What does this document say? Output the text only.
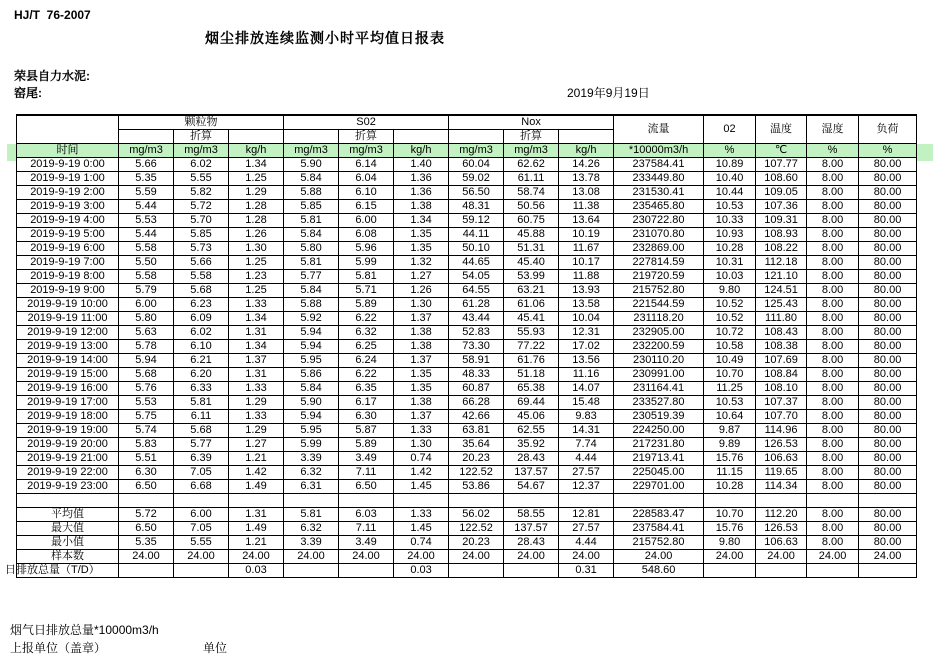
HJ/T  76-2007
烟尘排放连续监测小时平均值日报表
荣县自力水泥:
窑尾:	2019年9月19日
	颗粒物			S02			Nox			流量	02	温度	湿度	负荷
		折算			折算			折算						
时间	mg/m3	mg/m3	kg/h	mg/m3	mg/m3	kg/h	mg/m3	mg/m3	kg/h	*10000m3/h	%	℃	%	%
2019-9-19 0:00	5.66	6.02	1.34	5.90	6.14	1.40	60.04	62.62	14.26	237584.41	10.89	107.77	8.00	80.00
2019-9-19 1:00	5.35	5.55	1.25	5.84	6.04	1.36	59.02	61.11	13.78	233449.80	10.40	108.60	8.00	80.00
2019-9-19 2:00	5.59	5.82	1.29	5.88	6.10	1.36	56.50	58.74	13.08	231530.41	10.44	109.05	8.00	80.00
2019-9-19 3:00	5.44	5.72	1.28	5.85	6.15	1.38	48.31	50.56	11.38	235465.80	10.53	107.36	8.00	80.00
2019-9-19 4:00	5.53	5.70	1.28	5.81	6.00	1.34	59.12	60.75	13.64	230722.80	10.33	109.31	8.00	80.00
2019-9-19 5:00	5.44	5.85	1.26	5.84	6.08	1.35	44.11	45.88	10.19	231070.80	10.93	108.93	8.00	80.00
2019-9-19 6:00	5.58	5.73	1.30	5.80	5.96	1.35	50.10	51.31	11.67	232869.00	10.28	108.22	8.00	80.00
2019-9-19 7:00	5.50	5.66	1.25	5.81	5.99	1.32	44.65	45.40	10.17	227814.59	10.31	112.18	8.00	80.00
2019-9-19 8:00	5.58	5.58	1.23	5.77	5.81	1.27	54.05	53.99	11.88	219720.59	10.03	121.10	8.00	80.00
2019-9-19 9:00	5.79	5.68	1.25	5.84	5.71	1.26	64.55	63.21	13.93	215752.80	9.80	124.51	8.00	80.00
2019-9-19 10:00	6.00	6.23	1.33	5.88	5.89	1.30	61.28	61.06	13.58	221544.59	10.52	125.43	8.00	80.00
2019-9-19 11:00	5.80	6.09	1.34	5.92	6.22	1.37	43.44	45.41	10.04	231118.20	10.52	111.80	8.00	80.00
2019-9-19 12:00	5.63	6.02	1.31	5.94	6.32	1.38	52.83	55.93	12.31	232905.00	10.72	108.43	8.00	80.00
2019-9-19 13:00	5.78	6.10	1.34	5.94	6.25	1.38	73.30	77.22	17.02	232200.59	10.58	108.38	8.00	80.00
2019-9-19 14:00	5.94	6.21	1.37	5.95	6.24	1.37	58.91	61.76	13.56	230110.20	10.49	107.69	8.00	80.00
2019-9-19 15:00	5.68	6.20	1.31	5.86	6.22	1.35	48.33	51.18	11.16	230991.00	10.70	108.84	8.00	80.00
2019-9-19 16:00	5.76	6.33	1.33	5.84	6.35	1.35	60.87	65.38	14.07	231164.41	11.25	108.10	8.00	80.00
2019-9-19 17:00	5.53	5.81	1.29	5.90	6.17	1.38	66.28	69.44	15.48	233527.80	10.53	107.37	8.00	80.00
2019-9-19 18:00	5.75	6.11	1.33	5.94	6.30	1.37	42.66	45.06	9.83	230519.39	10.64	107.70	8.00	80.00
2019-9-19 19:00	5.74	5.68	1.29	5.95	5.87	1.33	63.81	62.55	14.31	224250.00	9.87	114.96	8.00	80.00
2019-9-19 20:00	5.83	5.77	1.27	5.99	5.89	1.30	35.64	35.92	7.74	217231.80	9.89	126.53	8.00	80.00
2019-9-19 21:00	5.51	6.39	1.21	3.39	3.49	0.74	20.23	28.43	4.44	219713.41	15.76	106.63	8.00	80.00
2019-9-19 22:00	6.30	7.05	1.42	6.32	7.11	1.42	122.52	137.57	27.57	225045.00	11.15	119.65	8.00	80.00
2019-9-19 23:00	6.50	6.68	1.49	6.31	6.50	1.45	53.86	54.67	12.37	229701.00	10.28	114.34	8.00	80.00

平均值	5.72	6.00	1.31	5.81	6.03	1.33	56.02	58.55	12.81	228583.47	10.70	112.20	8.00	80.00
最大值	6.50	7.05	1.49	6.32	7.11	1.45	122.52	137.57	27.57	237584.41	15.76	126.53	8.00	80.00
最小值	5.35	5.55	1.21	3.39	3.49	0.74	20.23	28.43	4.44	215752.80	9.80	106.63	8.00	80.00
样本数	24.00	24.00	24.00	24.00	24.00	24.00	24.00	24.00	24.00	24.00	24.00	24.00	24.00	24.00
日排放总量（T/D）			0.03			0.03			0.31	548.60				
烟气日排放总量*10000m3/h
上报单位（盖章）	单位
